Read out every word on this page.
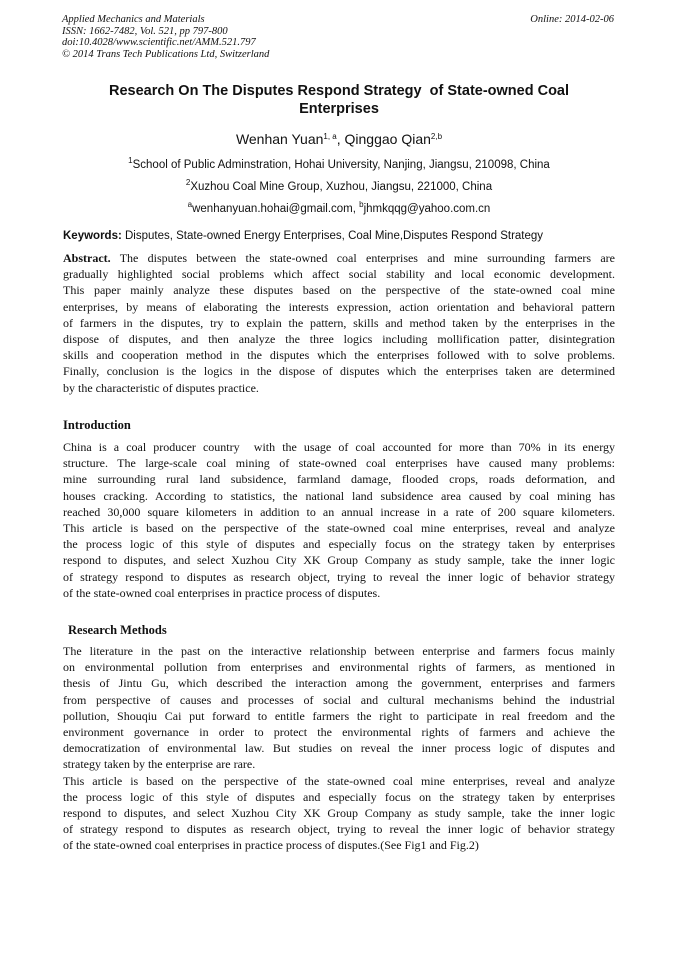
Applied Mechanics and Materials
ISSN: 1662-7482, Vol. 521, pp 797-800
doi:10.4028/www.scientific.net/AMM.521.797
© 2014 Trans Tech Publications Ltd, Switzerland
Online: 2014-02-06
Research On The Disputes Respond Strategy  of State-owned Coal
Enterprises
Wenhan Yuan$^{1, a}$, Qinggao Qian$^{2,b}$
$^1$School of Public Adminstration, Hohai University, Nanjing, Jiangsu, 210098, China
$^2$Xuzhou Coal Mine Group, Xuzhou, Jiangsu, 221000, China
$^a$wenhanyuan.hohai@gmail.com, $^b$jhmkqqg@yahoo.com.cn
Keywords: Disputes, State-owned Energy Enterprises, Coal Mine,Disputes Respond Strategy
Abstract. The disputes between the state-owned coal enterprises and mine surrounding farmers are
gradually highlighted social problems which affect social stability and local economic development.
This paper mainly analyze these disputes based on the perspective of the state-owned coal mine
enterprises, by means of elaborating the interests expression, action orientation and behavioral pattern
of farmers in the disputes, try to explain the pattern, skills and method taken by the enterprises in the
dispose of disputes, and then analyze the three logics including mollification patter, disintegration
skills and cooperation method in the disputes which the enterprises followed with to solve problems.
Finally, conclusion is the logics in the dispose of disputes which the enterprises taken are determined
by the characteristic of disputes practice.
Introduction
China is a coal producer country  with the usage of coal accounted for more than 70% in its energy
structure. The large-scale coal mining of state-owned coal enterprises have caused many problems:
mine surrounding rural land subsidence, farmland damage, flooded crops, roads deformation, and
houses cracking. According to statistics, the national land subsidence area caused by coal mining has
reached 30,000 square kilometers in addition to an annual increase in a rate of 200 square kilometers.
This article is based on the perspective of the state-owned coal mine enterprises, reveal and analyze
the process logic of this style of disputes and especially focus on the strategy taken by enterprises
respond to disputes, and select Xuzhou City XK Group Company as study sample, take the inner logic
of strategy respond to disputes as research object, trying to reveal the inner logic of behavior strategy
of the state-owned coal enterprises in practice process of disputes.
Research Methods
The literature in the past on the interactive relationship between enterprise and farmers focus mainly
on environmental pollution from enterprises and environmental rights of farmers, as mentioned in
thesis of Jintu Gu, which described the interaction among the government, enterprises and farmers
from perspective of causes and processes of social and cultural mechanisms behind the industrial
pollution, Shouqiu Cai put forward to entitle farmers the right to participate in real freedom and the
environment governance in order to protect the environmental rights of farmers and achieve the
democratization of environmental law. But studies on reveal the inner process logic of disputes and
strategy taken by the enterprise are rare.
This article is based on the perspective of the state-owned coal mine enterprises, reveal and analyze
the process logic of this style of disputes and especially focus on the strategy taken by enterprises
respond to disputes, and select Xuzhou City XK Group Company as study sample, take the inner logic
of strategy respond to disputes as research object, trying to reveal the inner logic of behavior strategy
of the state-owned coal enterprises in practice process of disputes.(See Fig1 and Fig.2)
